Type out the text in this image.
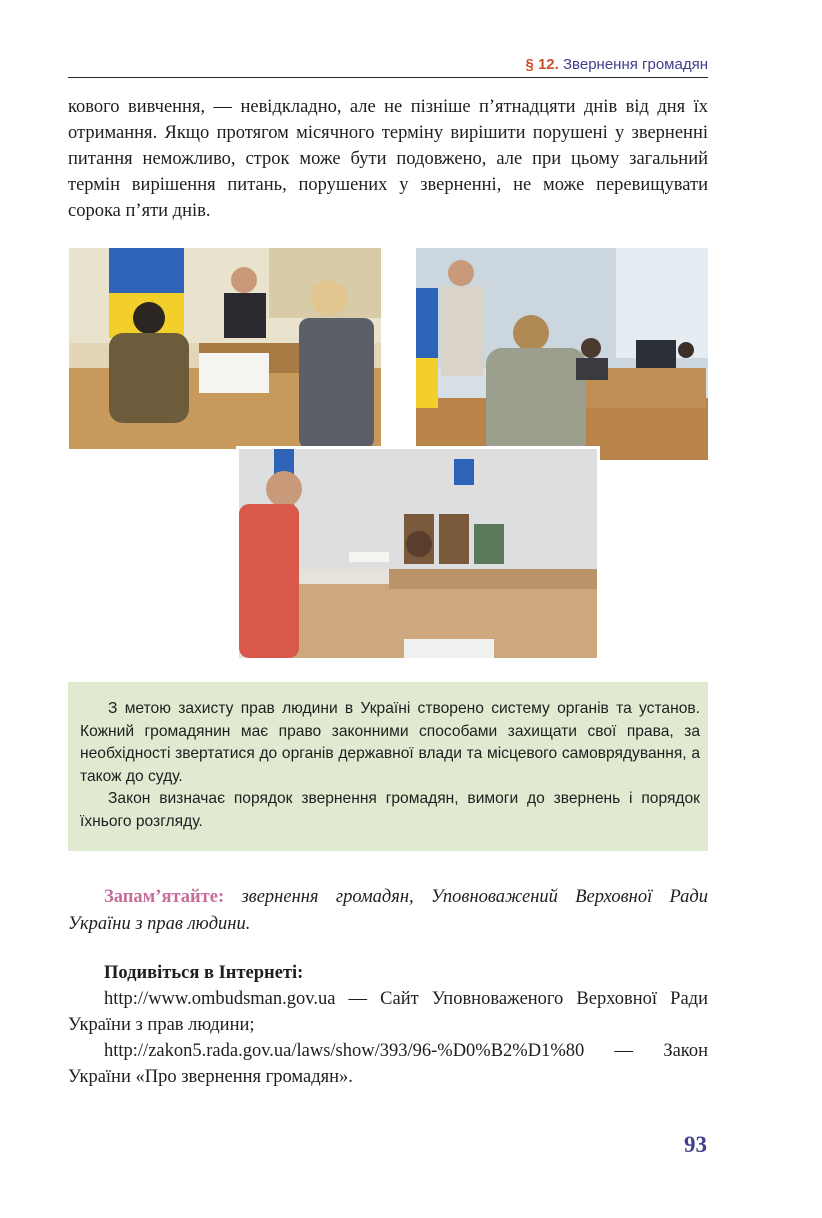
§ 12. Звернення громадян

кового вивчення, — невідкладно, але не пізніше п’ятнадцяти днів від дня їх отримання. Якщо протягом місячного терміну вирішити порушені у зверненні питання неможливо, строк може бути подовжено, але при цьому загальний термін вирішення питань, порушених у зверненні, не може перевищувати сорока п’яти днів.

З метою захисту прав людини в Україні створено систему органів та установ. Кожний громадянин має право законними способами захищати свої права, за необхідності звертатися до органів державної влади та місцевого самоврядування, а також до суду.

Закон визначає порядок звернення громадян, вимоги до звернень і порядок їхнього розгляду.

Запам’ятайте: звернення громадян, Уповноважений Верховної Ради України з прав людини.

Подивіться в Інтернеті:

http://www.ombudsman.gov.ua — Сайт Уповноваженого Верховної Ради України з прав людини;

http://zakon5.rada.gov.ua/laws/show/393/96-%D0%B2%D1%80 — Закон України «Про звернення громадян».

93
